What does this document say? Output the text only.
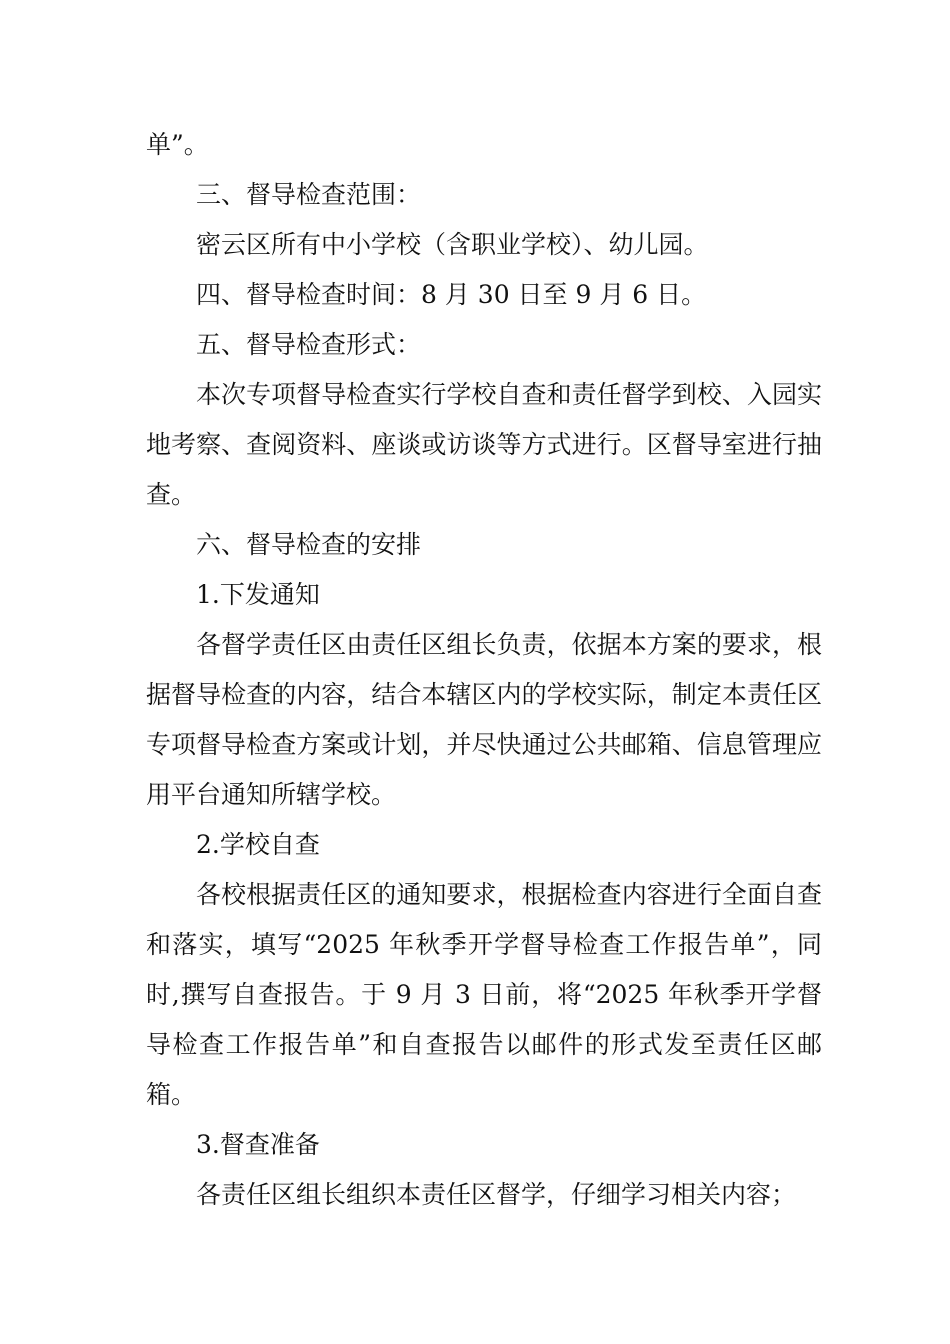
单”。

三、督导检查范围：

密云区所有中小学校（含职业学校）、幼儿园。

四、督导检查时间：8 月 30 日至 9 月 6 日。

五、督导检查形式：

本次专项督导检查实行学校自查和责任督学到校、入园实地考察、查阅资料、座谈或访谈等方式进行。区督导室进行抽查。

六、督导检查的安排

1.下发通知

各督学责任区由责任区组长负责，依据本方案的要求，根据督导检查的内容，结合本辖区内的学校实际，制定本责任区专项督导检查方案或计划，并尽快通过公共邮箱、信息管理应用平台通知所辖学校。

2.学校自查

各校根据责任区的通知要求，根据检查内容进行全面自查和落实，填写“2025 年秋季开学督导检查工作报告单”，同时,撰写自查报告。于 9 月 3 日前，将“2025 年秋季开学督导检查工作报告单”和自查报告以邮件的形式发至责任区邮箱。

3.督查准备

各责任区组长组织本责任区督学，仔细学习相关内容；
